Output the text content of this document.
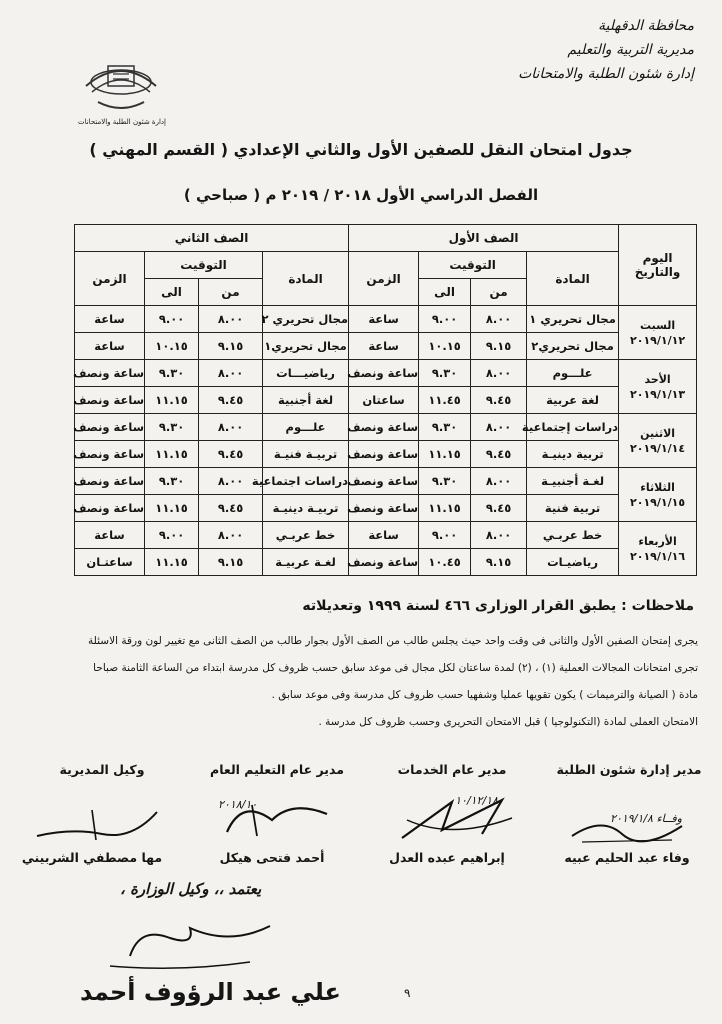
محافظة الدقهلية
مديرية التربية والتعليم
إدارة شئون الطلبة والامتحانات
إدارة شئون الطلبة والامتحانات
جدول امتحان النقل للصفين الأول والثاني الإعدادي ( القسم المهني )
الفصل الدراسي الأول ٢٠١٨ / ٢٠١٩ م ( صباحي )
اليوم والتاريخ	الصف الأول				الصف الثاني			
	المادة	التوقيت		الزمن	المادة	التوقيت		الزمن
		من	الى			من	الى	

السبت
٢٠١٩/١/١٢	مجال تحريري ١	٨.٠٠	٩.٠٠	ساعة	مجال تحريري ٢	٨.٠٠	٩.٠٠	ساعة
	مجال تحريري٢	٩.١٥	١٠.١٥	ساعة	مجال تحريري١	٩.١٥	١٠.١٥	ساعة

الأحد
٢٠١٩/١/١٣	علـــوم	٨.٠٠	٩.٣٠	ساعة ونصف	رياضيـــات	٨.٠٠	٩.٣٠	ساعة ونصف
	لغة عربية	٩.٤٥	١١.٤٥	ساعتان	لغة أجنبية	٩.٤٥	١١.١٥	ساعة ونصف

الاثنين
٢٠١٩/١/١٤	دراسات إجتماعية	٨.٠٠	٩.٣٠	ساعة ونصف	علـــوم	٨.٠٠	٩.٣٠	ساعة ونصف
	تربية دينيـة	٩.٤٥	١١.١٥	ساعة ونصف	تربيـة فنيـة	٩.٤٥	١١.١٥	ساعة ونصف

الثلاثاء
٢٠١٩/١/١٥	لغـة أجنبيـة	٨.٠٠	٩.٣٠	ساعة ونصف	دراسات اجتماعية	٨.٠٠	٩.٣٠	ساعة ونصف
	تربية فنية	٩.٤٥	١١.١٥	ساعة ونصف	تربيـة دينيـة	٩.٤٥	١١.١٥	ساعة ونصف

الأربعاء
٢٠١٩/١/١٦	خط عربـي	٨.٠٠	٩.٠٠	ساعة	خط عربـي	٨.٠٠	٩.٠٠	ساعة
	رياضيـات	٩.١٥	١٠.٤٥	ساعة ونصف	لغـة عربيـة	٩.١٥	١١.١٥	ساعتـان
ملاحظات : يطبق القرار الوزارى ٤٦٦ لسنة ١٩٩٩ وتعديلاته
يجرى إمتحان الصفين الأول والثانى فى وقت واحد حيث يجلس طالب من الصف الأول بجوار طالب من الصف الثانى مع تغيير لون ورقة الاسئلة
تجرى امتحانات المجالات العملية (١) ، (٢) لمدة ساعتان لكل مجال فى موعد سابق حسب ظروف كل مدرسة ابتداء من الساعة الثامنة صباحا
مادة ( الصيانة والترميمات ) يكون تقويها عمليا وشفهيا حسب ظروف كل مدرسة وفى موعد سابق .
الامتحان العملى لمادة (التكنولوجيا ) قبل الامتحان التحريرى وحسب ظروف كل مدرسة .
مدير إدارة شئون الطلبة
مدير عام الخدمات
مدير عام التعليم العام
وكيل المديرية
وفــاء ٢٠١٩/١/٨
١٠/١٢/١٨
٢٠١٨/١٠
وفاء عبد الحليم عبيه
إبراهيم عبده العدل
أحمد فتحى هيكل
مها مصطفي الشربيني
يعتمد ،، وكيل الوزارة ،
علي عبد الرؤوف أحمد	٩
